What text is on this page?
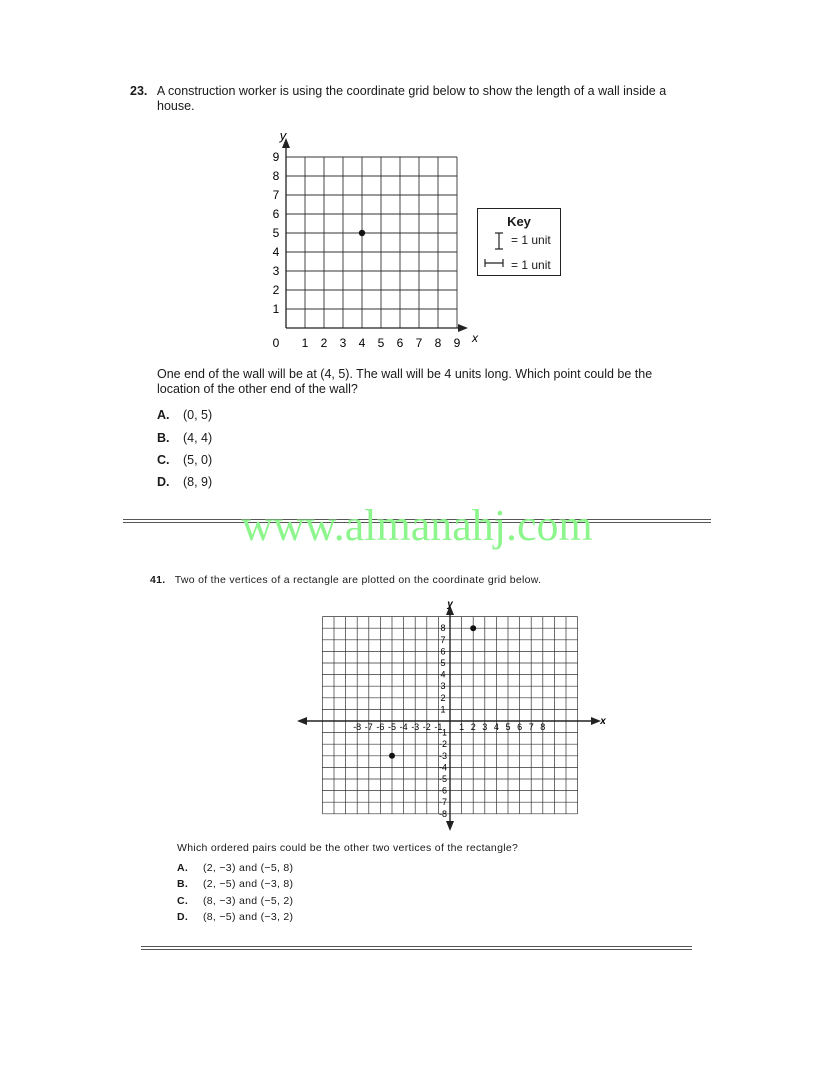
23. A construction worker is using the coordinate grid below to show the length of a wall inside a
house.
y
x
0 1 2 3 4 5 6 7 8 9
1
2
3
4
5
6
7
8
9
Key
= 1 unit
= 1 unit
One end of the wall will be at (4, 5). The wall will be 4 units long. Which point could be the
location of the other end of the wall?
A. (0, 5)
B. (4, 4)
C. (5, 0)
D. (8, 9)
www.almanahj.com
41. Two of the vertices of a rectangle are plotted on the coordinate grid below.
y
x
-8 -7 -6 -5 -4 -3 -2 -1 1 2 3 4 5 6 7 8
8
7
6
5
4
3
2
1
-1
-2
-3
-4
-5
-6
-7
-8
Which ordered pairs could be the other two vertices of the rectangle?
A. (2, −3) and (−5, 8)
B. (2, −5) and (−3, 8)
C. (8, −3) and (−5, 2)
D. (8, −5) and (−3, 2)
